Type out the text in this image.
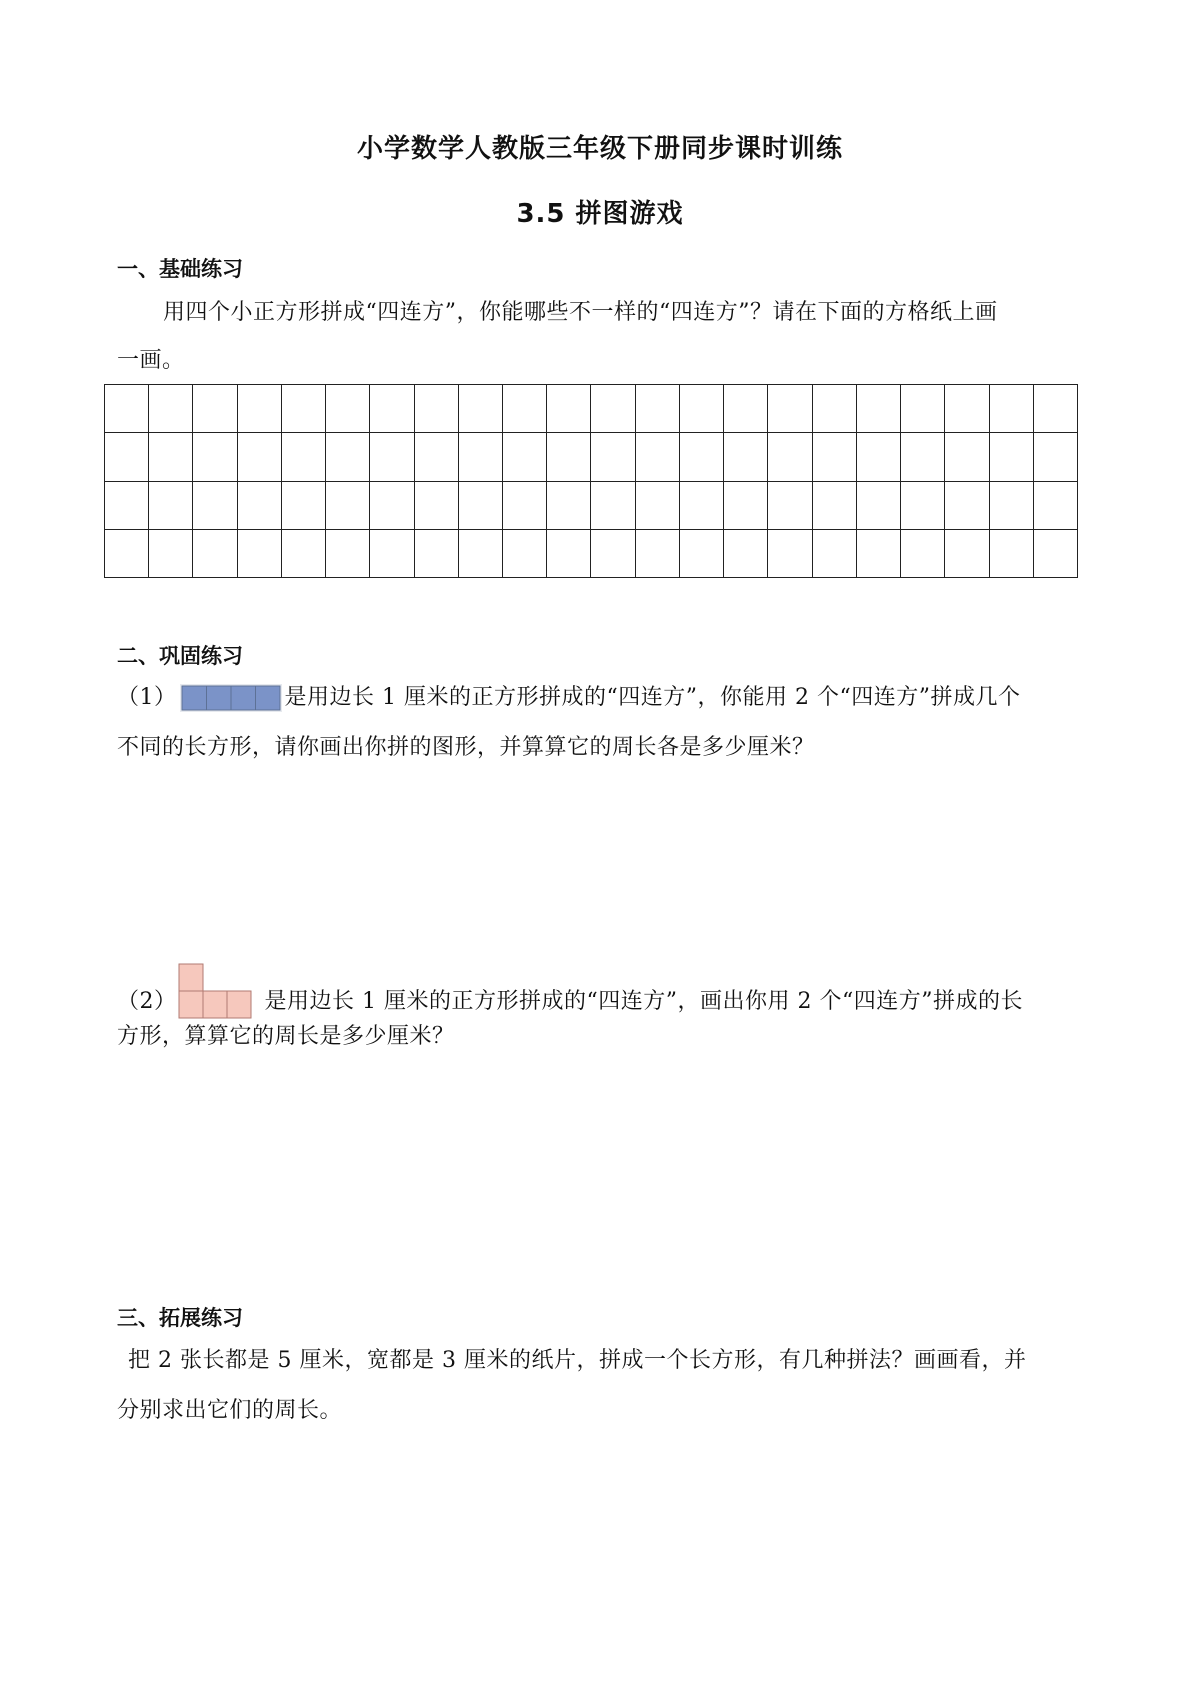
小学数学人教版三年级下册同步课时训练
3.5 拼图游戏
一、基础练习
用四个小正方形拼成“四连方”，你能哪些不一样的“四连方”？请在下面的方格纸上画
一画。
二、巩固练习
（1）	是用边长 1 厘米的正方形拼成的“四连方”，你能用 2 个“四连方”拼成几个
不同的长方形，请你画出你拼的图形，并算算它的周长各是多少厘米？
（2）	是用边长 1 厘米的正方形拼成的“四连方”，画出你用 2 个“四连方”拼成的长
方形，算算它的周长是多少厘米？
三、拓展练习
把 2 张长都是 5 厘米，宽都是 3 厘米的纸片，拼成一个长方形，有几种拼法？画画看，并
分别求出它们的周长。
